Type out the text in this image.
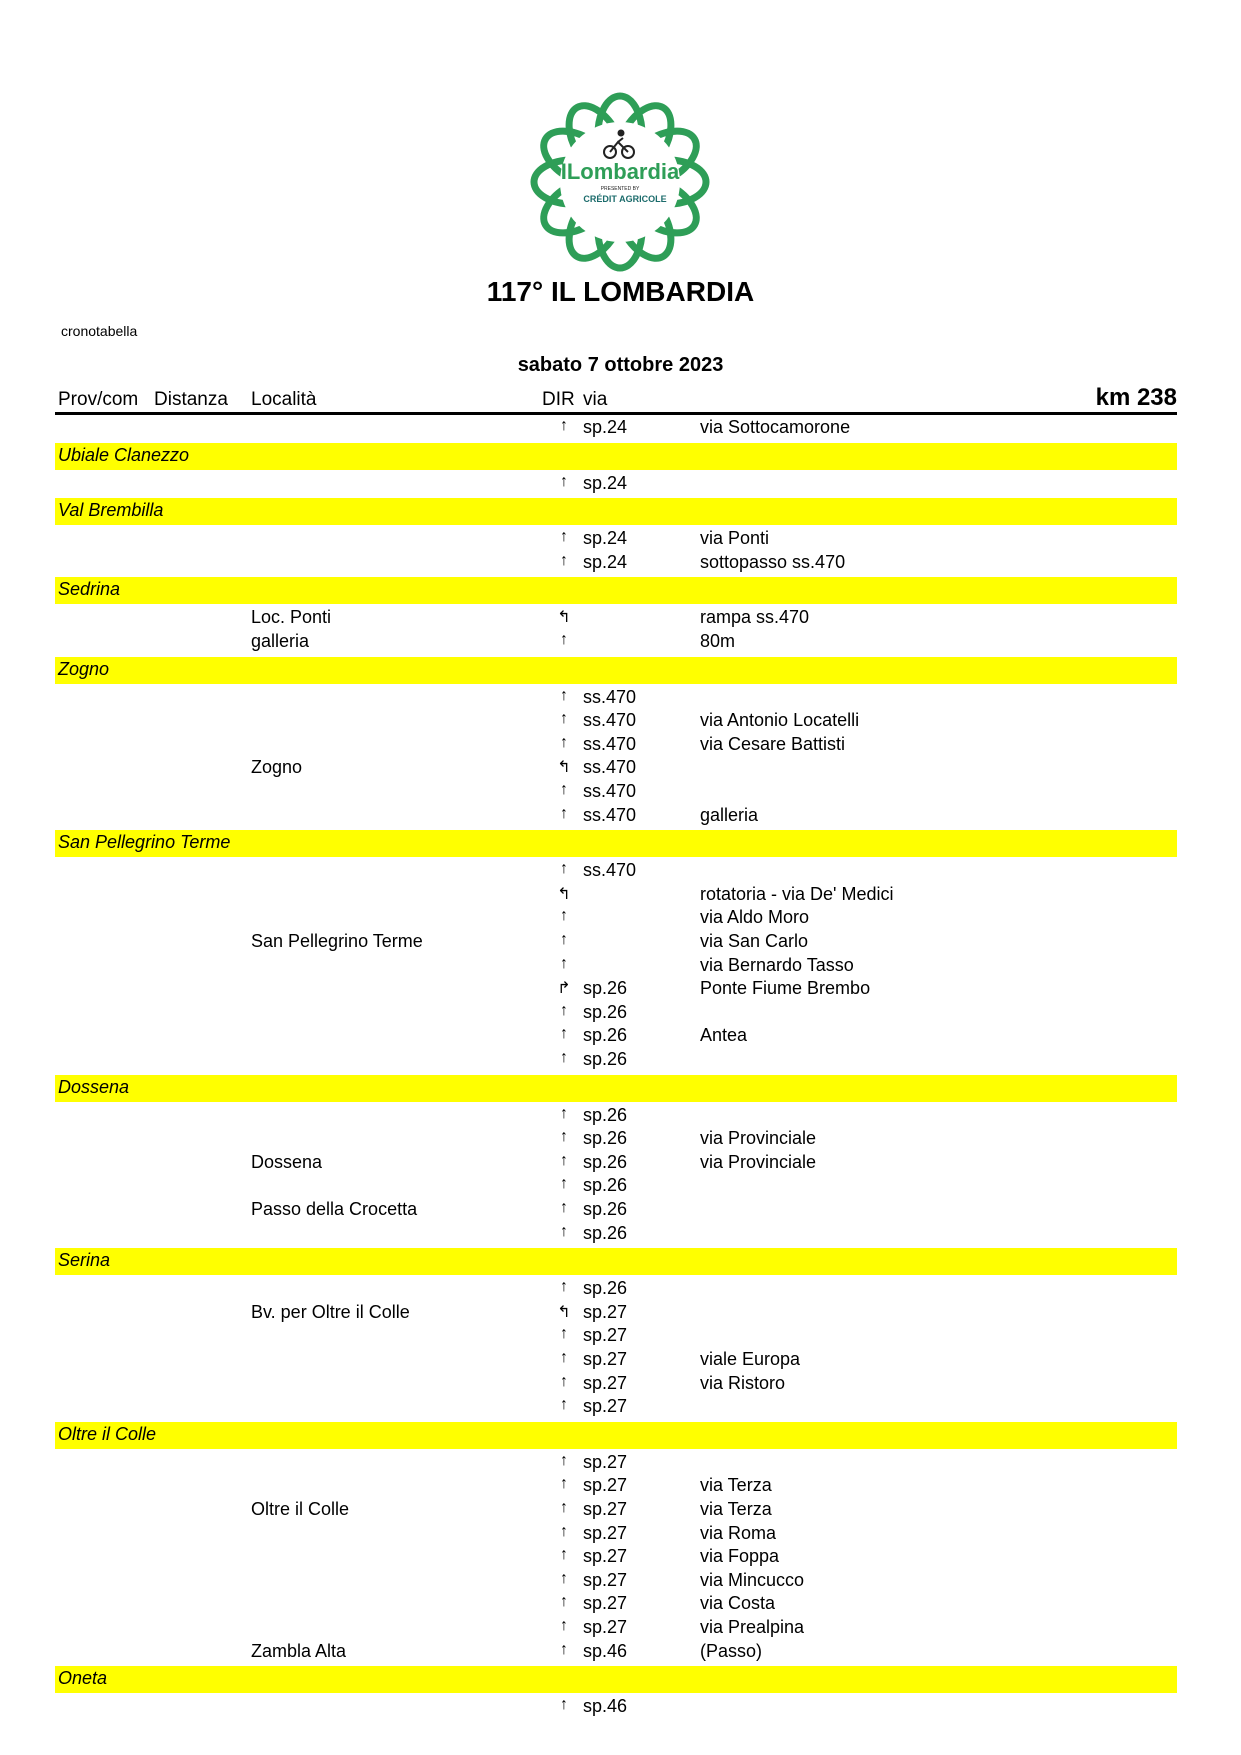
ILombardia
PRESENTED BY
CRÉDIT AGRICOLE
117° IL LOMBARDIA
cronotabella
sabato 7 ottobre 2023
Prov/com Distanza Località	DIR via	km 238
↑ sp.24	via Sottocamorone
Ubiale Clanezzo
↑ sp.24
Val Brembilla
↑ sp.24	via Ponti
↑ sp.24	sottopasso ss.470
Sedrina
Loc. Ponti	↰	rampa ss.470
galleria	↑	80m
Zogno
↑ ss.470
↑ ss.470	via Antonio Locatelli
↑ ss.470	via Cesare Battisti
Zogno	↰ ss.470
↑ ss.470
↑ ss.470	galleria
San Pellegrino Terme
↑ ss.470
↰	rotatoria - via De' Medici
↑	via Aldo Moro
San Pellegrino Terme	↑	via San Carlo
↑	via Bernardo Tasso
↱ sp.26	Ponte Fiume Brembo
↑ sp.26
↑ sp.26	Antea
↑ sp.26
Dossena
↑ sp.26
↑ sp.26	via Provinciale
Dossena	↑ sp.26	via Provinciale
↑ sp.26
Passo della Crocetta	↑ sp.26
↑ sp.26
Serina
↑ sp.26
Bv. per Oltre il Colle	↰ sp.27
↑ sp.27
↑ sp.27	viale Europa
↑ sp.27	via Ristoro
↑ sp.27
Oltre il Colle
↑ sp.27
↑ sp.27	via Terza
Oltre il Colle	↑ sp.27	via Terza
↑ sp.27	via Roma
↑ sp.27	via Foppa
↑ sp.27	via Mincucco
↑ sp.27	via Costa
↑ sp.27	via Prealpina
Zambla Alta	↑ sp.46	(Passo)
Oneta
↑ sp.46
